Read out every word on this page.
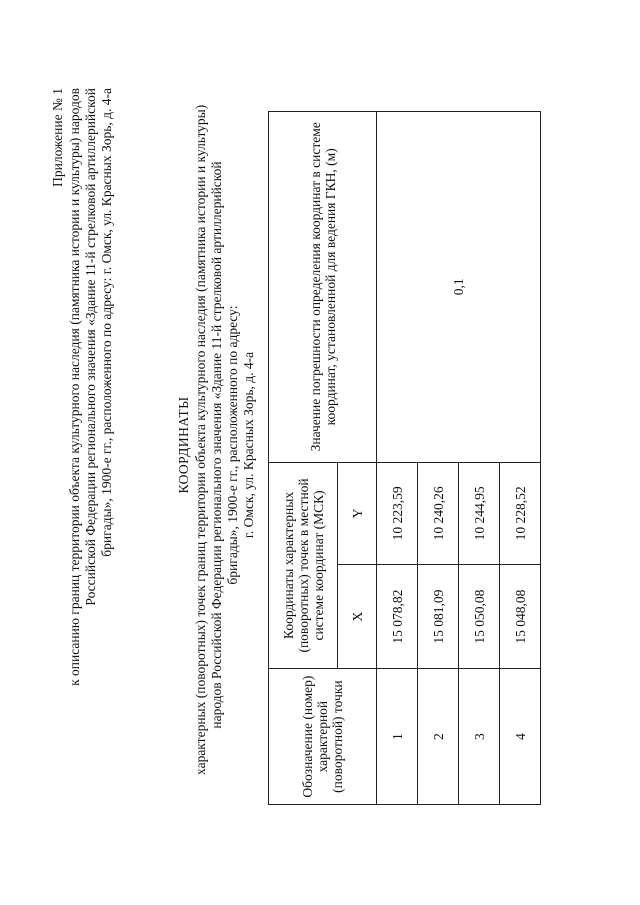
Приложение № 1 к описанию границ территории объекта культурного наследия (памятника истории и культуры) народов Российской Федерации регионального значения «Здание 11-й стрелковой артиллерийской бригады», 1900-е гг., расположенного по адресу: г. Омск, ул. Красных Зорь, д. 4-а	КООРДИНАТЫ характерных (поворотных) точек границ территории объекта культурного наследия (памятника истории и культуры) народов Российской Федерации регионального значения «Здание 11-й стрелковой артиллерийской бригады», 1900-е гг., расположенного по адресу: г. Омск, ул. Красных Зорь, д. 4-а
Обозначение (номер) характерной (поворотной) точки	Координаты характерных (поворотных) точек в местной системе координат (МСК)		Значение погрешности определения координат в системе координат, установленной для ведения ГКН, (м)
	X	Y	
1	15 078,82	10 223,59	0,1
2	15 081,09	10 240,26	
3	15 050,08	10 244,95	
4	15 048,08	10 228,52	
